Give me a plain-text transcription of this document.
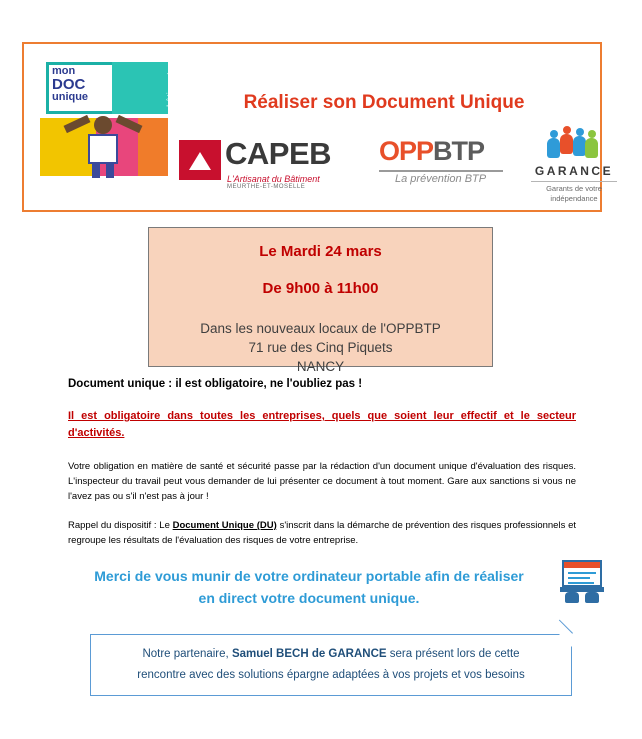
bâtiment
mon
DOC
unique	Réaliser son Document Unique
CAPEB
L'Artisanat du Bâtiment
MEURTHE-ET-MOSELLE
OPPBTP
La prévention BTP
GARANCE
Garants de votre
indépendance
Le Mardi 24 mars
De 9h00 à 11h00
Dans les nouveaux locaux de l'OPPBTP
71 rue des Cinq Piquets
NANCY

Document unique : il est obligatoire, ne l'oubliez pas !

Il est obligatoire dans toutes les entreprises, quels que soient leur effectif et le secteur d'activités.

Votre obligation en matière de santé et sécurité passe par la rédaction d'un document unique d'évaluation des risques. L'inspecteur du travail peut vous demander de lui présenter ce document à tout moment. Gare aux sanctions si vous ne l'avez pas ou s'il n'est pas à jour !

Rappel du dispositif : Le Document Unique (DU) s'inscrit dans la démarche de prévention des risques professionnels et regroupe les résultats de l'évaluation des risques de votre entreprise.

Merci de vous munir de votre ordinateur portable afin de réaliser
en direct votre document unique.
Notre partenaire, Samuel BECH de GARANCE sera présent lors de cette
rencontre avec des solutions épargne adaptées à vos projets et vos besoins
